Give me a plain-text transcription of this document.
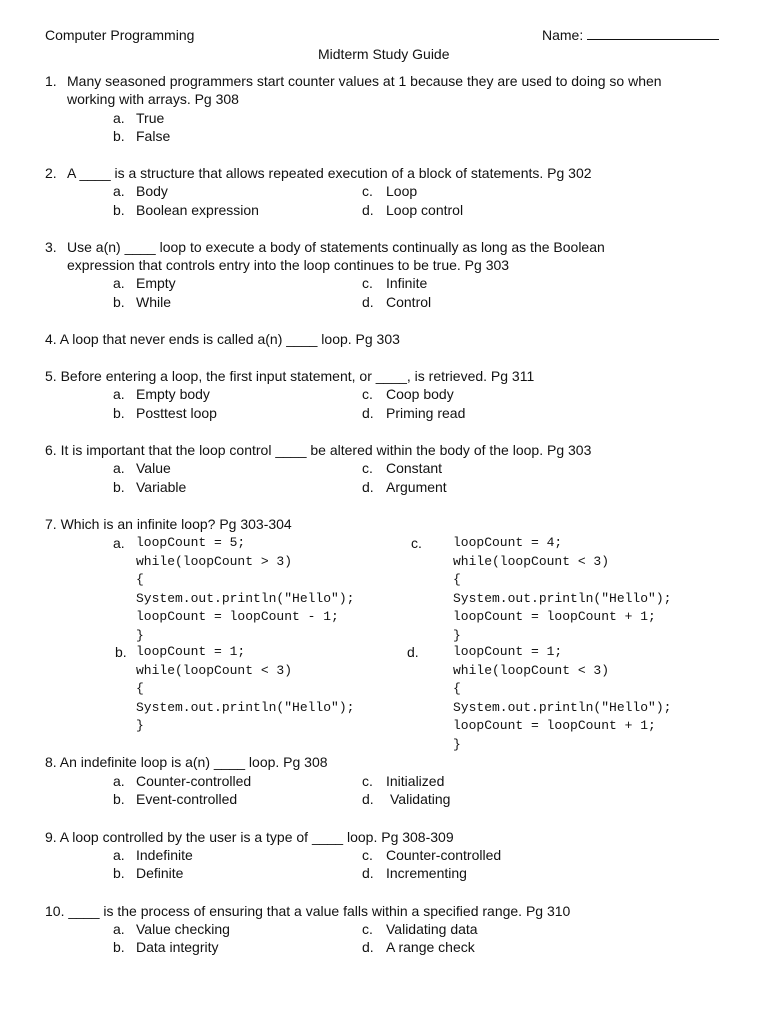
Computer Programming	Name:
Midterm Study Guide
1. Many seasoned programmers start counter values at 1 because they are used to doing so when
working with arrays. Pg 308
a. True
b. False
2. A ____ is a structure that allows repeated execution of a block of statements. Pg 302
a. Body
b. Boolean expression
c. Loop
d. Loop control
3. Use a(n) ____ loop to execute a body of statements continually as long as the Boolean
expression that controls entry into the loop continues to be true. Pg 303
a. Empty
b. While
c. Infinite
d. Control
4. A loop that never ends is called a(n) ____ loop. Pg 303
5. Before entering a loop, the first input statement, or ____, is retrieved. Pg 311
a. Empty body
b. Posttest loop
c. Coop body
d. Priming read
6. It is important that the loop control ____ be altered within the body of the loop. Pg 303
a. Value
b. Variable
c. Constant
d. Argument
7. Which is an infinite loop? Pg 303-304
a. loopCount = 5;
while(loopCount > 3)
{
System.out.println("Hello");
loopCount = loopCount - 1;
}
c. loopCount = 4;
while(loopCount < 3)
{
System.out.println("Hello");
loopCount = loopCount + 1;
}
b. loopCount = 1;
while(loopCount < 3)
{
System.out.println("Hello");
}
d.	loopCount = 1;
while(loopCount < 3)
{
System.out.println("Hello");
loopCount = loopCount + 1;
}
8. An indefinite loop is a(n) ____ loop. Pg 308
a. Counter-controlled
b. Event-controlled
c. Initialized
d. Validating
9. A loop controlled by the user is a type of ____ loop. Pg 308-309
a. Indefinite
b. Definite
c. Counter-controlled
d. Incrementing
10. ____ is the process of ensuring that a value falls within a specified range. Pg 310
a. Value checking
b. Data integrity
c. Validating data
d. A range check
